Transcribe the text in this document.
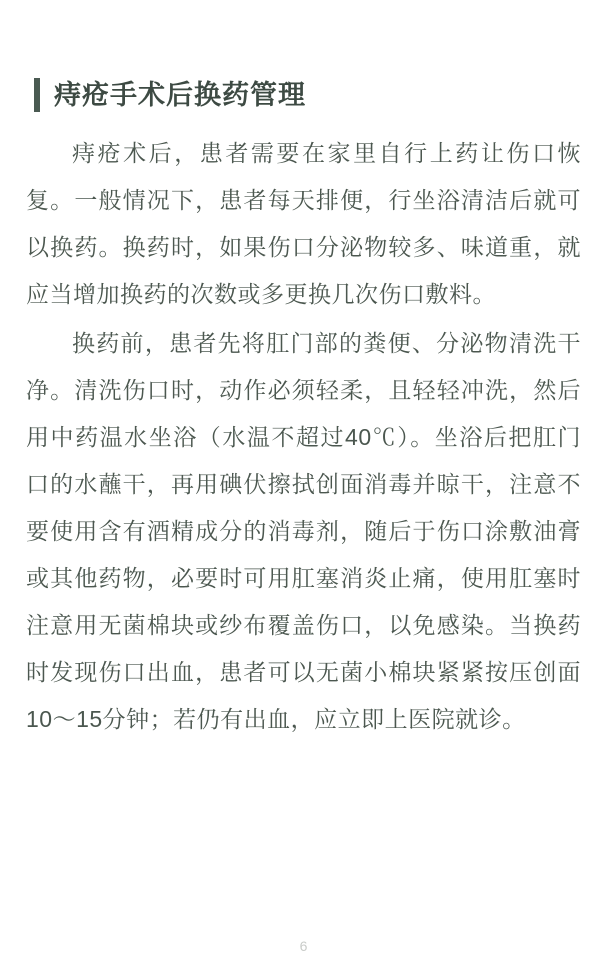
痔疮手术后换药管理

痔疮术后，患者需要在家里自行上药让伤口恢复。一般情况下，患者每天排便，行坐浴清洁后就可以换药。换药时，如果伤口分泌物较多、味道重，就应当增加换药的次数或多更换几次伤口敷料。

换药前，患者先将肛门部的粪便、分泌物清洗干净。清洗伤口时，动作必须轻柔，且轻轻冲洗，然后用中药温水坐浴（水温不超过40℃）。坐浴后把肛门口的水蘸干，再用碘伏擦拭创面消毒并晾干，注意不要使用含有酒精成分的消毒剂，随后于伤口涂敷油膏或其他药物，必要时可用肛塞消炎止痛，使用肛塞时注意用无菌棉块或纱布覆盖伤口，以免感染。当换药时发现伤口出血，患者可以无菌小棉块紧紧按压创面10～15分钟；若仍有出血，应立即上医院就诊。

6
